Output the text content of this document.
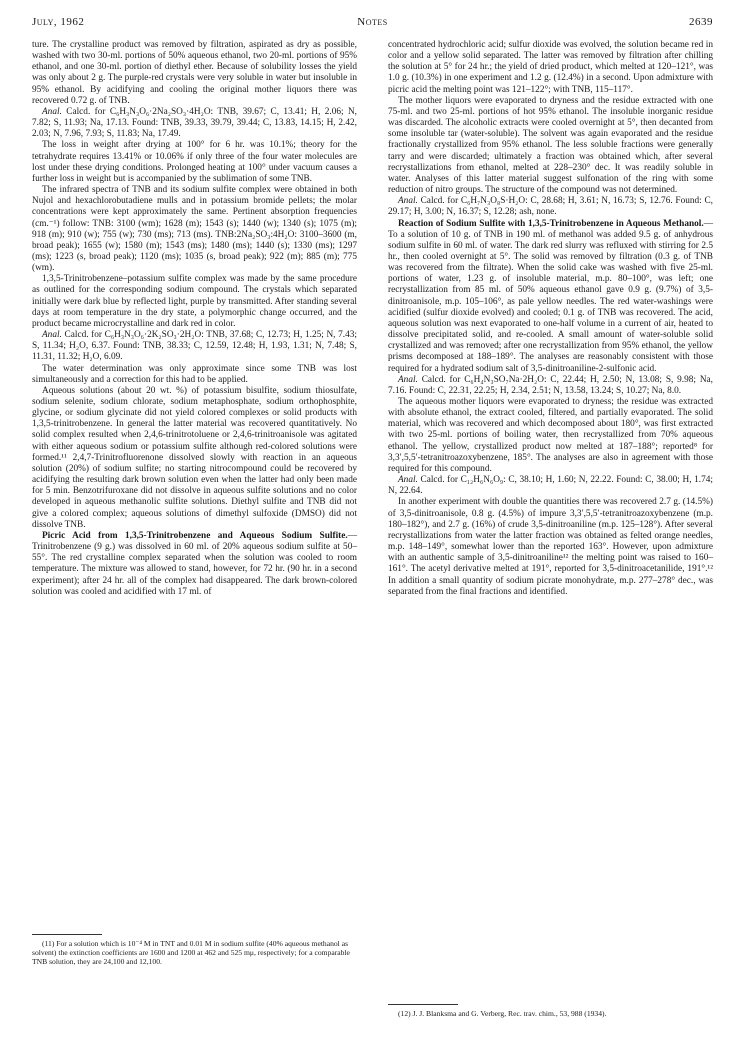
July, 1962	Notes	2639

ture. The crystalline product was removed by filtration, aspirated as dry as possible, washed with two 30-ml. portions of 50% aqueous ethanol, two 20-ml. portions of 95% ethanol, and one 30-ml. portion of diethyl ether. Because of solubility losses the yield was only about 2 g. The purple-red crystals were very soluble in water but insoluble in 95% ethanol. By acidifying and cooling the original mother liquors there was recovered 0.72 g. of TNB.

Anal. Calcd. for C₆H₃N₃O₆·2Na₂SO₃·4H₂O: TNB, 39.67; C, 13.41; H, 2.06; N, 7.82; S, 11.93; Na, 17.13. Found: TNB, 39.33, 39.79, 39.44; C, 13.83, 14.15; H, 2.42, 2.03; N, 7.96, 7.93; S, 11.83; Na, 17.49.

The loss in weight after drying at 100° for 6 hr. was 10.1%; theory for the tetrahydrate requires 13.41% or 10.06% if only three of the four water molecules are lost under these drying conditions. Prolonged heating at 100° under vacuum causes a further loss in weight but is accompanied by the sublimation of some TNB.

The infrared spectra of TNB and its sodium sulfite complex were obtained in both Nujol and hexachlorobutadiene mulls and in potassium bromide pellets; the molar concentrations were kept approximately the same. Pertinent absorption frequencies (cm.⁻¹) follow: TNB: 3100 (wm); 1628 (m); 1543 (s); 1440 (w); 1340 (s); 1075 (m); 918 (m); 910 (w); 755 (w); 730 (ms); 713 (ms). TNB:2Na₂SO₃:4H₂O: 3100–3600 (m, broad peak); 1655 (w); 1580 (m); 1543 (ms); 1480 (ms); 1440 (s); 1330 (ms); 1297 (ms); 1223 (s, broad peak); 1120 (ms); 1035 (s, broad peak); 922 (m); 885 (m); 775 (wm).

1,3,5-Trinitrobenzene–potassium sulfite complex was made by the same procedure as outlined for the corresponding sodium compound. The crystals which separated initially were dark blue by reflected light, purple by transmitted. After standing several days at room temperature in the dry state, a polymorphic change occurred, and the product became microcrystalline and dark red in color.

Anal. Calcd. for C₆H₃N₃O₆·2K₂SO₃·2H₂O: TNB, 37.68; C, 12.73; H, 1.25; N, 7.43; S, 11.34; H₂O, 6.37. Found: TNB, 38.33; C, 12.59, 12.48; H, 1.93, 1.31; N, 7.48; S, 11.31, 11.32; H₂O, 6.09.

The water determination was only approximate since some TNB was lost simultaneously and a correction for this had to be applied.

Aqueous solutions (about 20 wt. %) of potassium bisulfite, sodium thiosulfate, sodium selenite, sodium chlorate, sodium metaphosphate, sodium orthophosphite, glycine, or sodium glycinate did not yield colored complexes or solid products with 1,3,5-trinitrobenzene. In general the latter material was recovered quantitatively. No solid complex resulted when 2,4,6-trinitrotoluene or 2,4,6-trinitroanisole was agitated with either aqueous sodium or potassium sulfite although red-colored solutions were formed.¹¹ 2,4,7-Trinitrofluorenone dissolved slowly with reaction in an aqueous solution (20%) of sodium sulfite; no starting nitrocompound could be recovered by acidifying the resulting dark brown solution even when the latter had only been made for 5 min. Benzotrifuroxane did not dissolve in aqueous sulfite solutions and no color developed in aqueous methanolic sulfite solutions. Diethyl sulfite and TNB did not give a colored complex; aqueous solutions of dimethyl sulfoxide (DMSO) did not dissolve TNB.

Picric Acid from 1,3,5-Trinitrobenzene and Aqueous Sodium Sulfite.—Trinitrobenzene (9 g.) was dissolved in 60 ml. of 20% aqueous sodium sulfite at 50–55°. The red crystalline complex separated when the solution was cooled to room temperature. The mixture was allowed to stand, however, for 72 hr. (90 hr. in a second experiment); after 24 hr. all of the complex had disappeared. The dark brown-colored solution was cooled and acidified with 17 ml. of

(11) For a solution which is 10⁻⁴ M in TNT and 0.01 M in sodium sulfite (40% aqueous methanol as solvent) the extinction coefficients are 1600 and 1200 at 462 and 525 mμ, respectively; for a comparable TNB solution, they are 24,100 and 12,100.

concentrated hydrochloric acid; sulfur dioxide was evolved, the solution became red in color and a yellow solid separated. The latter was removed by filtration after chilling the solution at 5° for 24 hr.; the yield of dried product, which melted at 120–121°, was 1.0 g. (10.3%) in one experiment and 1.2 g. (12.4%) in a second. Upon admixture with picric acid the melting point was 121–122°; with TNB, 115–117°.

The mother liquors were evaporated to dryness and the residue extracted with one 75-ml. and two 25-ml. portions of hot 95% ethanol. The insoluble inorganic residue was discarded. The alcoholic extracts were cooled overnight at 5°, then decanted from some insoluble tar (water-soluble). The solvent was again evaporated and the residue fractionally crystallized from 95% ethanol. The less soluble fractions were generally tarry and were discarded; ultimately a fraction was obtained which, after several recrystallizations from ethanol, melted at 228–230° dec. It was readily soluble in water. Analyses of this latter material suggest sulfonation of the ring with some reduction of nitro groups. The structure of the compound was not determined.

Anal. Calcd. for C₆H₇N₃O₈S·H₂O: C, 28.68; H, 3.61; N, 16.73; S, 12.76. Found: C, 29.17; H, 3.00; N, 16.37; S, 12.28; ash, none.

Reaction of Sodium Sulfite with 1,3,5-Trinitrobenzene in Aqueous Methanol.—To a solution of 10 g. of TNB in 190 ml. of methanol was added 9.5 g. of anhydrous sodium sulfite in 60 ml. of water. The dark red slurry was refluxed with stirring for 2.5 hr., then cooled overnight at 5°. The solid was removed by filtration (0.3 g. of TNB was recovered from the filtrate). When the solid cake was washed with five 25-ml. portions of water, 1.23 g. of insoluble material, m.p. 80–100°, was left; one recrystallization from 85 ml. of 50% aqueous ethanol gave 0.9 g. (9.7%) of 3,5-dinitroanisole, m.p. 105–106°, as pale yellow needles. The red water-washings were acidified (sulfur dioxide evolved) and cooled; 0.1 g. of TNB was recovered. The acid, aqueous solution was next evaporated to one-half volume in a current of air, heated to dissolve precipitated solid, and re-cooled. A small amount of water-soluble solid crystallized and was removed; after one recrystallization from 95% ethanol, the yellow prisms decomposed at 188–189°. The analyses are reasonably consistent with those required for a hydrated sodium salt of 3,5-dinitroaniline-2-sulfonic acid.

Anal. Calcd. for C₆H₄N₃SO₇Na·2H₂O: C, 22.44; H, 2.50; N, 13.08; S, 9.98; Na, 7.16. Found: C, 22.31, 22.25; H, 2.34, 2.51; N, 13.58, 13.24; S, 10.27; Na, 8.0.

The aqueous mother liquors were evaporated to dryness; the residue was extracted with absolute ethanol, the extract cooled, filtered, and partially evaporated. The solid material, which was recovered and which decomposed about 180°, was first extracted with two 25-ml. portions of boiling water, then recrystallized from 70% aqueous ethanol. The yellow, crystallized product now melted at 187–188°; reported⁸ for 3,3′,5,5′-tetranitroazoxybenzene, 185°. The analyses are also in agreement with those required for this compound.

Anal. Calcd. for C₁₂H₆N₆O₉: C, 38.10; H, 1.60; N, 22.22. Found: C, 38.00; H, 1.74; N, 22.64.

In another experiment with double the quantities there was recovered 2.7 g. (14.5%) of 3,5-dinitroanisole, 0.8 g. (4.5%) of impure 3,3′,5,5′-tetranitroazoxybenzene (m.p. 180–182°), and 2.7 g. (16%) of crude 3,5-dinitroaniline (m.p. 125–128°). After several recrystallizations from water the latter fraction was obtained as felted orange needles, m.p. 148–149°, somewhat lower than the reported 163°. However, upon admixture with an authentic sample of 3,5-dinitroaniline¹² the melting point was raised to 160–161°. The acetyl derivative melted at 191°, reported for 3,5-dinitroacetanilide, 191°.¹² In addition a small quantity of sodium picrate monohydrate, m.p. 277–278° dec., was separated from the final fractions and identified.

(12) J. J. Blanksma and G. Verberg, Rec. trav. chim., 53, 988 (1934).
